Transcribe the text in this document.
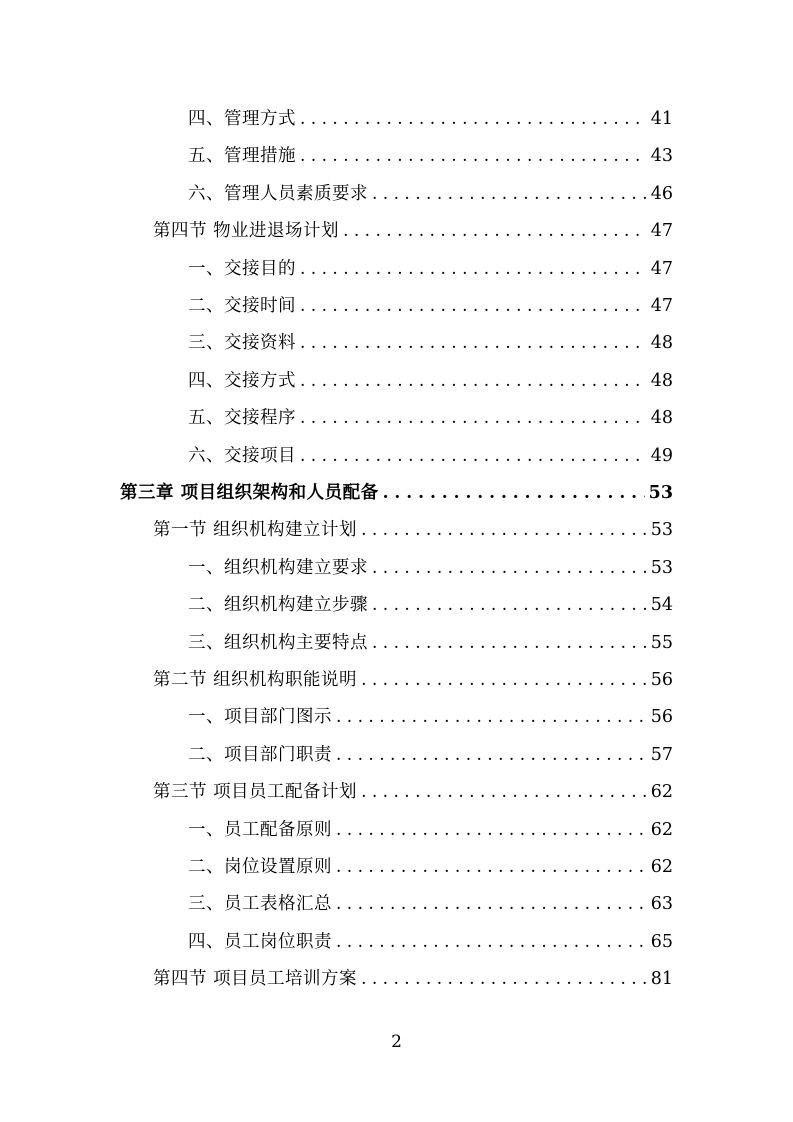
四、管理方式 . . .	41
五、管理措施 . . .	43
六、管理人员素质要求 . . .	46
第四节 物业进退场计划 . . .	47
一、交接目的 . . .	47
二、交接时间 . . .	47
三、交接资料 . . .	48
四、交接方式 . . .	48
五、交接程序 . . .	48
六、交接项目 . . .	49
第三章 项目组织架构和人员配备 . . .	53
第一节 组织机构建立计划 . . .	53
一、组织机构建立要求 . . .	53
二、组织机构建立步骤 . . .	54
三、组织机构主要特点 . . .	55
第二节 组织机构职能说明 . . .	56
一、项目部门图示 . . .	56
二、项目部门职责 . . .	57
第三节 项目员工配备计划 . . .	62
一、员工配备原则 . . .	62
二、岗位设置原则 . . .	62
三、员工表格汇总 . . .	63
四、员工岗位职责 . . .	65
第四节 项目员工培训方案 . . .	81
2
